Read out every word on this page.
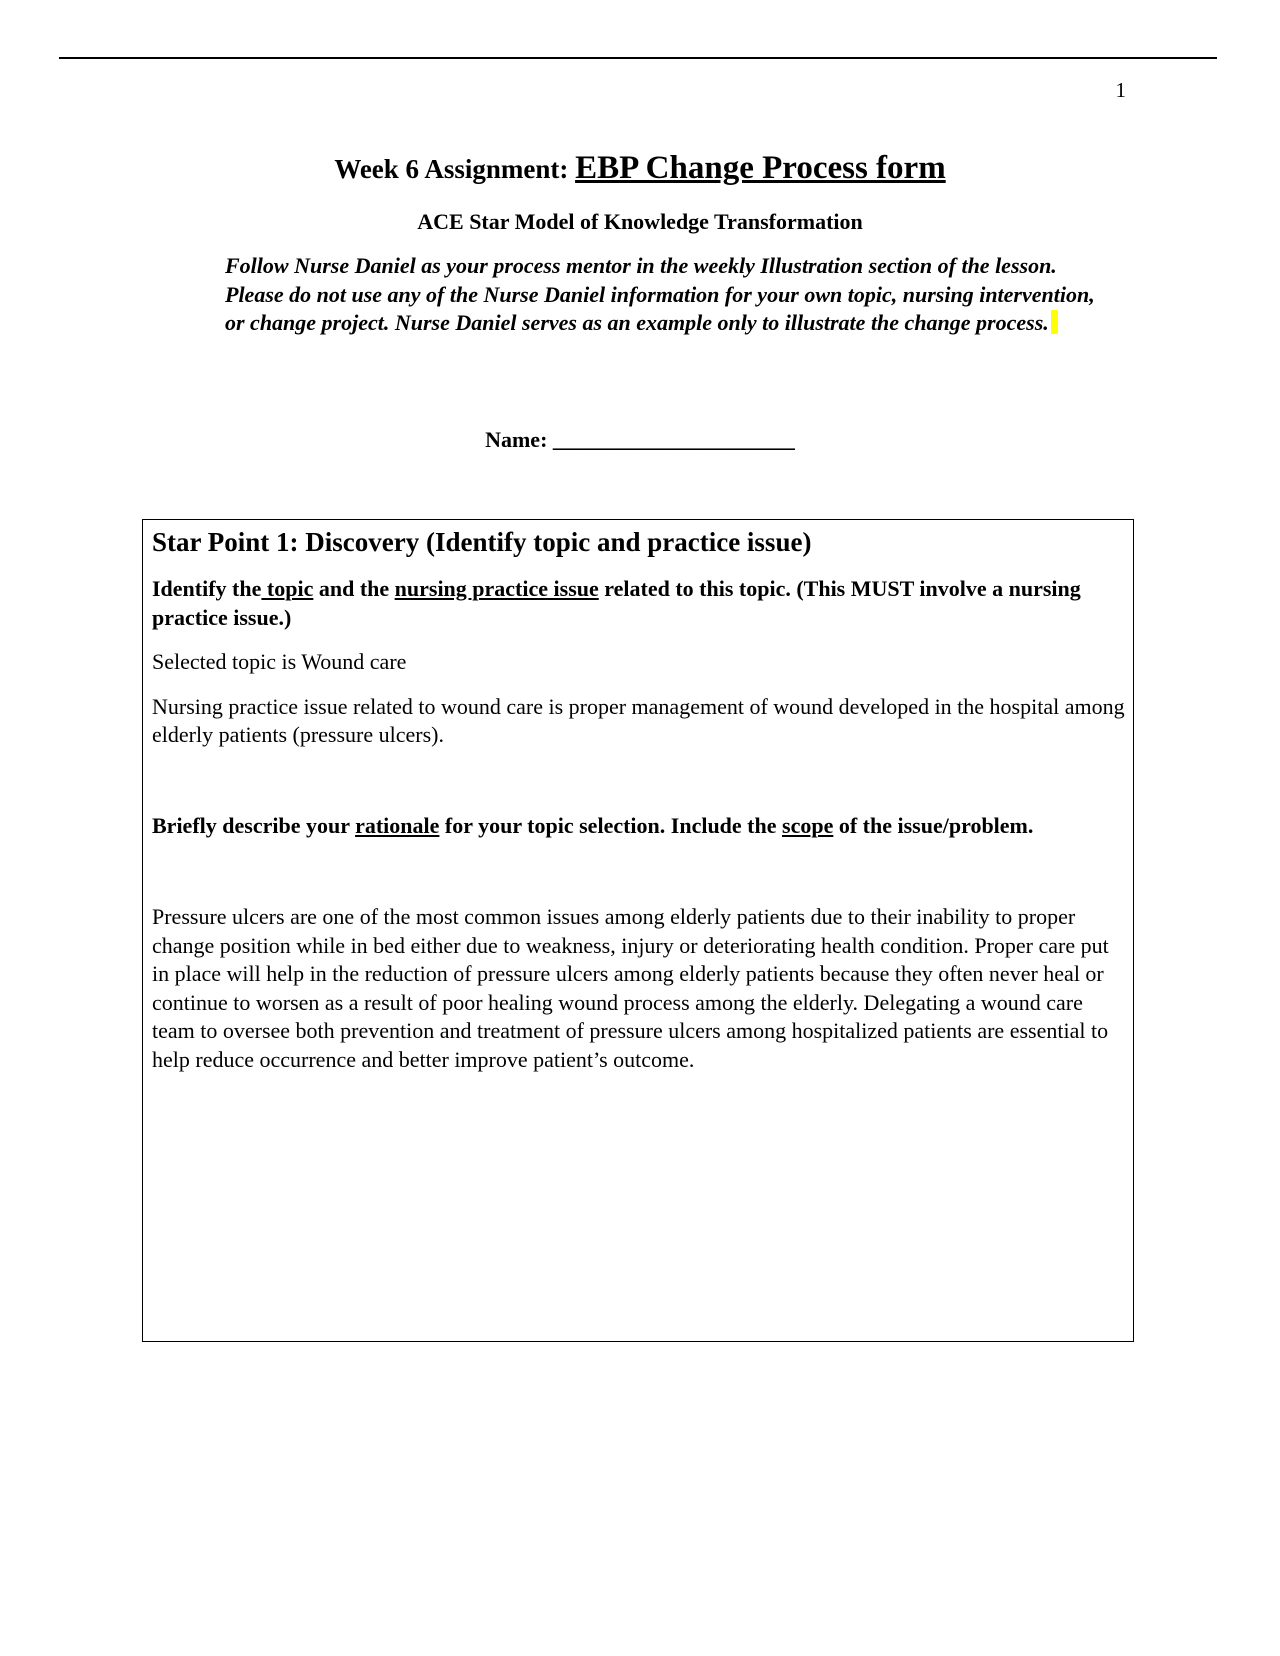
1
Week 6 Assignment: EBP Change Process form
ACE Star Model of Knowledge Transformation
Follow Nurse Daniel as your process mentor in the weekly Illustration section of the lesson. Please do not use any of the Nurse Daniel information for your own topic, nursing intervention, or change project. Nurse Daniel serves as an example only to illustrate the change process.
Name: ______________________

Star Point 1: Discovery (Identify topic and practice issue)

Identify the topic and the nursing practice issue related to this topic. (This MUST involve a nursing practice issue.)

Selected topic is Wound care

Nursing practice issue related to wound care is proper management of wound developed in the hospital among elderly patients (pressure ulcers).

Briefly describe your rationale for your topic selection. Include the scope of the issue/problem.

Pressure ulcers are one of the most common issues among elderly patients due to their inability to proper change position while in bed either due to weakness, injury or deteriorating health condition. Proper care put in place will help in the reduction of pressure ulcers among elderly patients because they often never heal or continue to worsen as a result of poor healing wound process among the elderly. Delegating a wound care team to oversee both prevention and treatment of pressure ulcers among hospitalized patients are essential to help reduce occurrence and better improve patient’s outcome.
